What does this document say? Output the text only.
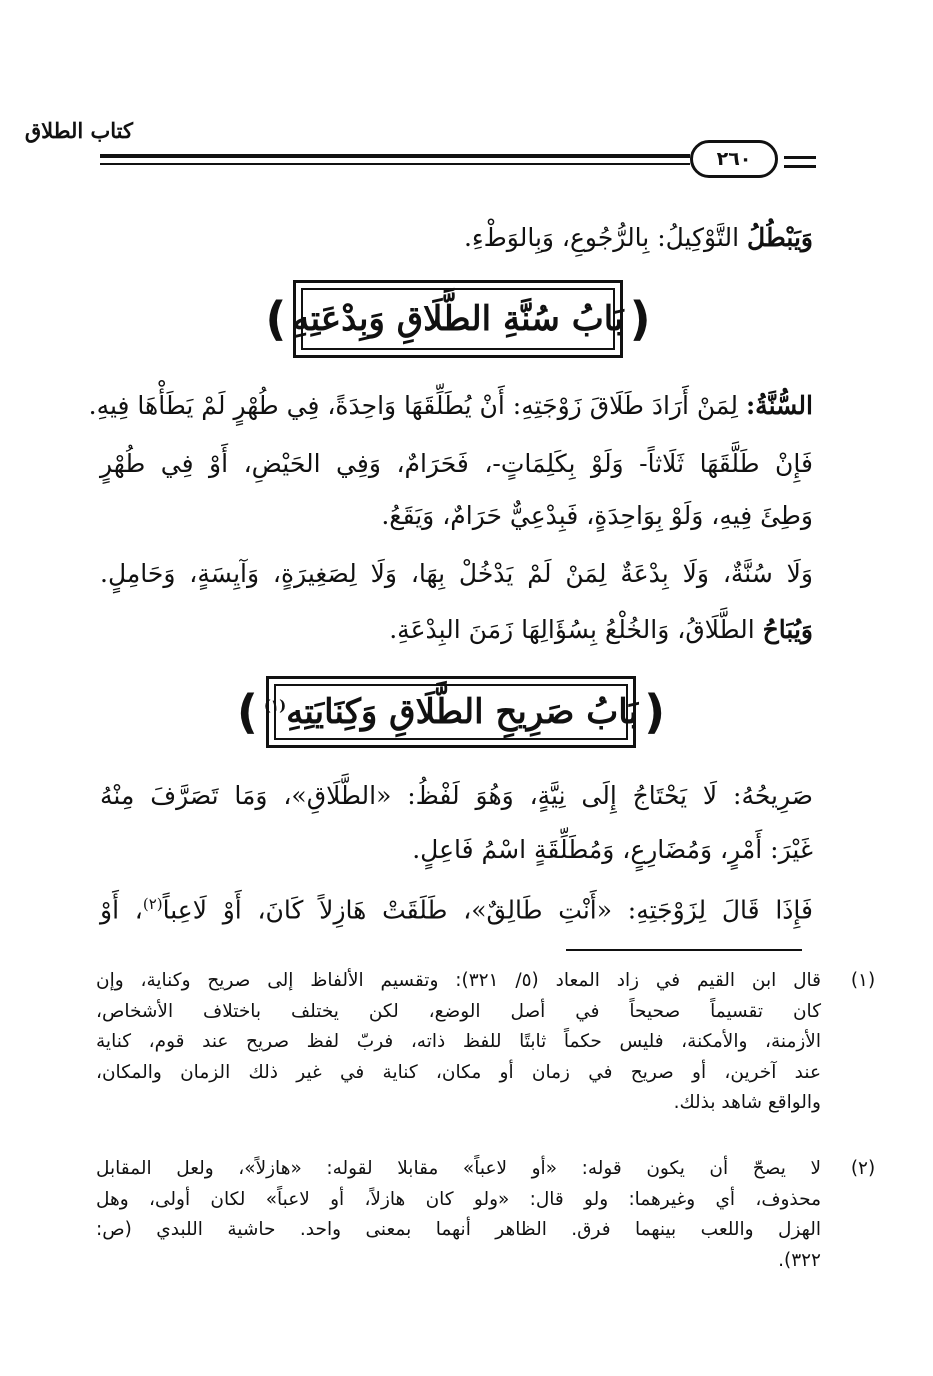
كتاب الطلاق
٢٦٠
وَيَبْطُلُ التَّوْكِيلُ: بِالرُّجُوعِ، وَبِالوَطْءِ.
(
بَابُ سُنَّةِ الطَّلَاقِ وَبِدْعَتِهِ
)
السُّنَّةُ: لِمَنْ أَرَادَ طَلَاقَ زَوْجَتِهِ: أَنْ يُطَلِّقَهَا وَاحِدَةً، فِي طُهْرٍ لَمْ يَطَأْهَا فِيهِ.
فَإِنْ طَلَّقَهَا ثَلَاثاً- وَلَوْ بِكَلِمَاتٍ-، فَحَرَامٌ، وَفِي الحَيْضِ، أَوْ فِي طُهْرٍ
وَطِئَ فِيهِ، وَلَوْ بِوَاحِدَةٍ، فَبِدْعِيٌّ حَرَامٌ، وَيَقَعُ.
وَلَا سُنَّةٌ، وَلَا بِدْعَةٌ لِمَنْ لَمْ يَدْخُلْ بِهَا، وَلَا لِصَغِيرَةٍ، وَآيِسَةٍ، وَحَامِلٍ.
وَيُبَاحُ الطَّلَاقُ، وَالخُلْعُ بِسُؤَالِهَا زَمَنَ البِدْعَةِ.
(
بَابُ صَرِيحِ الطَّلَاقِ وَكِنَايَتِهِ$^{(١)}$
)
صَرِيحُهُ: لَا يَحْتَاجُ إِلَى نِيَّةٍ، وَهُوَ لَفْظُ: «الطَّلَاقِ»، وَمَا تَصَرَّفَ مِنْهُ
غَيْرَ: أَمْرٍ، وَمُضَارِعٍ، وَمُطَلِّقَةٍ اسْمُ فَاعِلٍ.
فَإِذَا قَالَ لِزَوْجَتِهِ: «أَنْتِ طَالِقٌ»، طَلَقَتْ هَازِلاً كَانَ، أَوْ لَاعِباً$^{(٢)}$، أَوْ
(١)
قال ابن القيم في زاد المعاد (٥/ ٣٢١): وتقسيم الألفاظ إلى صريح وكناية، وإن
كان تقسيماً صحيحاً في أصل الوضع، لكن يختلف باختلاف الأشخاص،
الأزمنة، والأمكنة، فليس حكماً ثابتًا للفظ ذاته، فربّ لفظ صريح عند قوم، كناية
عند آخرين، أو صريح في زمان أو مكان، كناية في غير ذلك الزمان والمكان،
والواقع شاهد بذلك.
(٢)
لا يصحّ أن يكون قوله: «أو لاعباً» مقابلا لقوله: «هازلاً»، ولعل المقابل
محذوف، أي وغيرهما: ولو قال: «ولو كان هازلاً، أو لاعباً» لكان أولى، وهل
الهزل واللعب بينهما فرق. الظاهر أنهما بمعنى واحد. حاشية اللبدي (ص:
٣٢٢).
